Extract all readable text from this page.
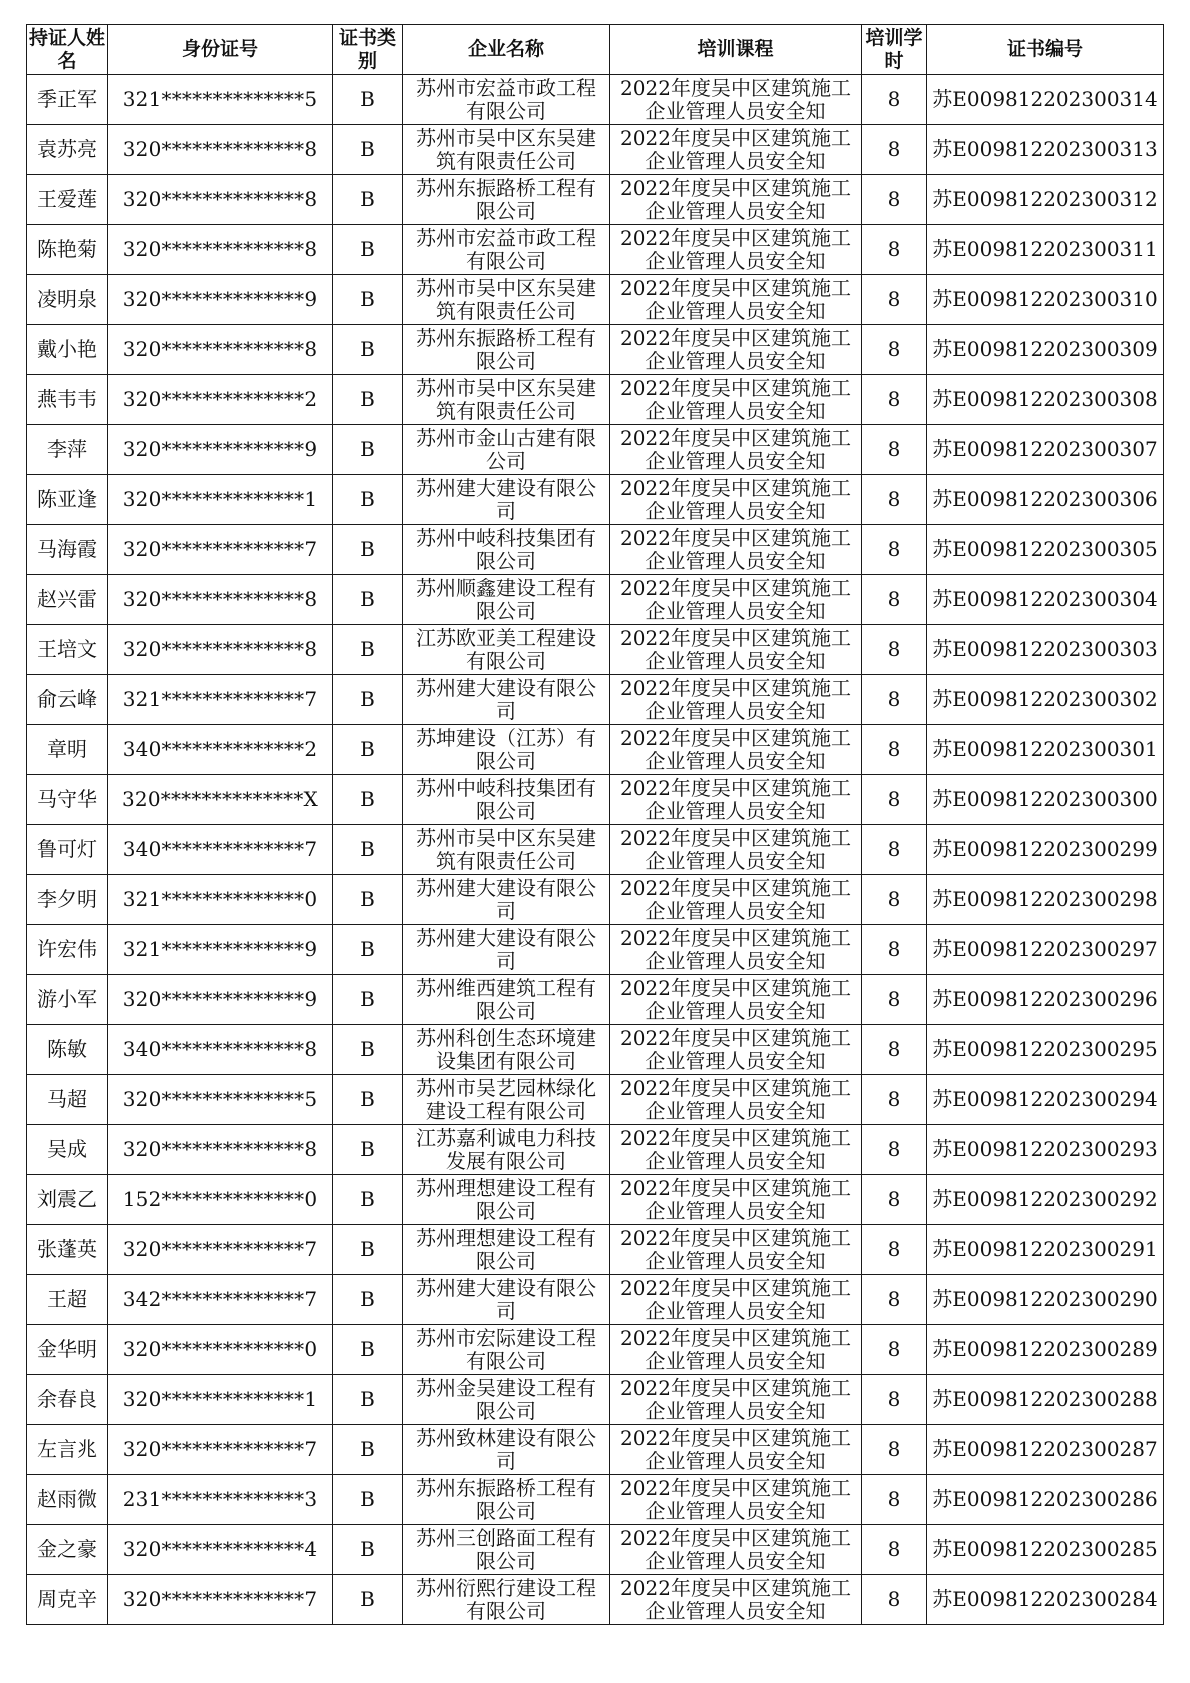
持证人姓名	身份证号	证书类别	企业名称	培训课程	培训学时	证书编号
季正军	321**************5	B	苏州市宏益市政工程有限公司	2022年度吴中区建筑施工企业管理人员安全知	8	苏E009812202300314
袁苏亮	320**************8	B	苏州市吴中区东吴建筑有限责任公司	2022年度吴中区建筑施工企业管理人员安全知	8	苏E009812202300313
王爱莲	320**************8	B	苏州东振路桥工程有限公司	2022年度吴中区建筑施工企业管理人员安全知	8	苏E009812202300312
陈艳菊	320**************8	B	苏州市宏益市政工程有限公司	2022年度吴中区建筑施工企业管理人员安全知	8	苏E009812202300311
凌明泉	320**************9	B	苏州市吴中区东吴建筑有限责任公司	2022年度吴中区建筑施工企业管理人员安全知	8	苏E009812202300310
戴小艳	320**************8	B	苏州东振路桥工程有限公司	2022年度吴中区建筑施工企业管理人员安全知	8	苏E009812202300309
燕韦韦	320**************2	B	苏州市吴中区东吴建筑有限责任公司	2022年度吴中区建筑施工企业管理人员安全知	8	苏E009812202300308
李萍	320**************9	B	苏州市金山古建有限公司	2022年度吴中区建筑施工企业管理人员安全知	8	苏E009812202300307
陈亚逢	320**************1	B	苏州建大建设有限公司	2022年度吴中区建筑施工企业管理人员安全知	8	苏E009812202300306
马海霞	320**************7	B	苏州中岐科技集团有限公司	2022年度吴中区建筑施工企业管理人员安全知	8	苏E009812202300305
赵兴雷	320**************8	B	苏州顺鑫建设工程有限公司	2022年度吴中区建筑施工企业管理人员安全知	8	苏E009812202300304
王培文	320**************8	B	江苏欧亚美工程建设有限公司	2022年度吴中区建筑施工企业管理人员安全知	8	苏E009812202300303
俞云峰	321**************7	B	苏州建大建设有限公司	2022年度吴中区建筑施工企业管理人员安全知	8	苏E009812202300302
章明	340**************2	B	苏坤建设（江苏）有限公司	2022年度吴中区建筑施工企业管理人员安全知	8	苏E009812202300301
马守华	320**************X	B	苏州中岐科技集团有限公司	2022年度吴中区建筑施工企业管理人员安全知	8	苏E009812202300300
鲁可灯	340**************7	B	苏州市吴中区东吴建筑有限责任公司	2022年度吴中区建筑施工企业管理人员安全知	8	苏E009812202300299
李夕明	321**************0	B	苏州建大建设有限公司	2022年度吴中区建筑施工企业管理人员安全知	8	苏E009812202300298
许宏伟	321**************9	B	苏州建大建设有限公司	2022年度吴中区建筑施工企业管理人员安全知	8	苏E009812202300297
游小军	320**************9	B	苏州维西建筑工程有限公司	2022年度吴中区建筑施工企业管理人员安全知	8	苏E009812202300296
陈敏	340**************8	B	苏州科创生态环境建设集团有限公司	2022年度吴中区建筑施工企业管理人员安全知	8	苏E009812202300295
马超	320**************5	B	苏州市吴艺园林绿化建设工程有限公司	2022年度吴中区建筑施工企业管理人员安全知	8	苏E009812202300294
吴成	320**************8	B	江苏嘉利诚电力科技发展有限公司	2022年度吴中区建筑施工企业管理人员安全知	8	苏E009812202300293
刘震乙	152**************0	B	苏州理想建设工程有限公司	2022年度吴中区建筑施工企业管理人员安全知	8	苏E009812202300292
张蓬英	320**************7	B	苏州理想建设工程有限公司	2022年度吴中区建筑施工企业管理人员安全知	8	苏E009812202300291
王超	342**************7	B	苏州建大建设有限公司	2022年度吴中区建筑施工企业管理人员安全知	8	苏E009812202300290
金华明	320**************0	B	苏州市宏际建设工程有限公司	2022年度吴中区建筑施工企业管理人员安全知	8	苏E009812202300289
余春良	320**************1	B	苏州金吴建设工程有限公司	2022年度吴中区建筑施工企业管理人员安全知	8	苏E009812202300288
左言兆	320**************7	B	苏州致林建设有限公司	2022年度吴中区建筑施工企业管理人员安全知	8	苏E009812202300287
赵雨微	231**************3	B	苏州东振路桥工程有限公司	2022年度吴中区建筑施工企业管理人员安全知	8	苏E009812202300286
金之豪	320**************4	B	苏州三创路面工程有限公司	2022年度吴中区建筑施工企业管理人员安全知	8	苏E009812202300285
周克辛	320**************7	B	苏州衍熙行建设工程有限公司	2022年度吴中区建筑施工企业管理人员安全知	8	苏E009812202300284
